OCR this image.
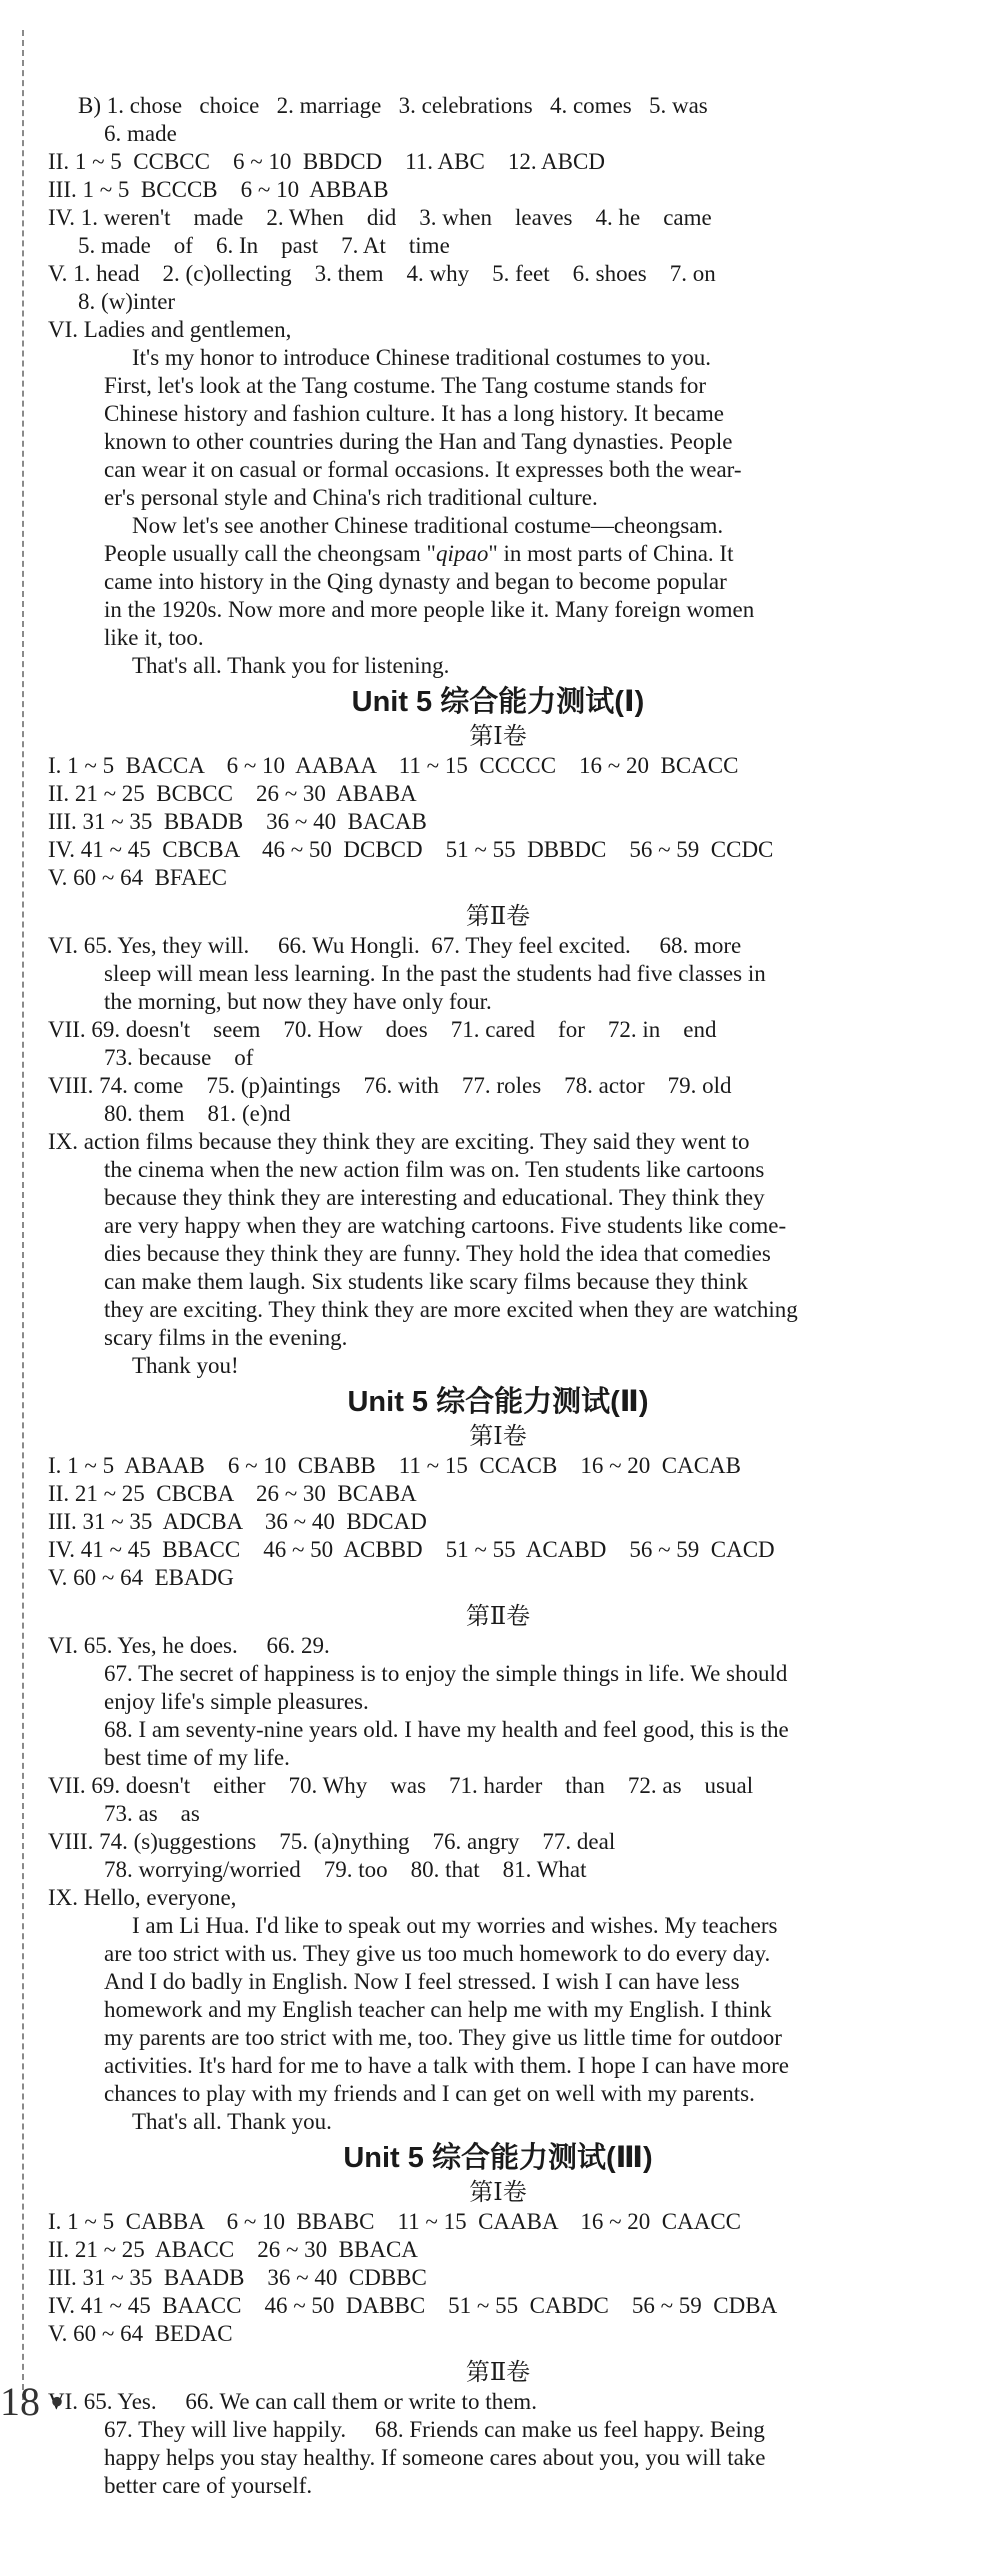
B) 1. chose   choice   2. marriage   3. celebrations   4. comes   5. was
6. made
II. 1 ~ 5  CCBCC    6 ~ 10  BBDCD    11. ABC    12. ABCD
III. 1 ~ 5  BCCCB    6 ~ 10  ABBAB
IV. 1. weren't    made    2. When    did    3. when    leaves    4. he    came
5. made    of    6. In    past    7. At    time
V. 1. head    2. (c)ollecting    3. them    4. why    5. feet    6. shoes    7. on
8. (w)inter
VI. Ladies and gentlemen,
It's my honor to introduce Chinese traditional costumes to you.
First, let's look at the Tang costume. The Tang costume stands for
Chinese history and fashion culture. It has a long history. It became
known to other countries during the Han and Tang dynasties. People
can wear it on casual or formal occasions. It expresses both the wear-
er's personal style and China's rich traditional culture.
Now let's see another Chinese traditional costume—cheongsam.
People usually call the cheongsam "qipao" in most parts of China. It
came into history in the Qing dynasty and began to become popular
in the 1920s. Now more and more people like it. Many foreign women
like it, too.
That's all. Thank you for listening.
Unit 5 综合能力测试(Ⅰ)
第Ⅰ卷
I. 1 ~ 5  BACCA    6 ~ 10  AABAA    11 ~ 15  CCCCC    16 ~ 20  BCACC
II. 21 ~ 25  BCBCC    26 ~ 30  ABABA
III. 31 ~ 35  BBADB    36 ~ 40  BACAB
IV. 41 ~ 45  CBCBA    46 ~ 50  DCBCD    51 ~ 55  DBBDC    56 ~ 59  CCDC
V. 60 ~ 64  BFAEC
第Ⅱ卷
VI. 65. Yes, they will.     66. Wu Hongli.  67. They feel excited.     68. more
sleep will mean less learning. In the past the students had five classes in
the morning, but now they have only four.
VII. 69. doesn't    seem    70. How    does    71. cared    for    72. in    end
73. because    of
VIII. 74. come    75. (p)aintings    76. with    77. roles    78. actor    79. old
80. them    81. (e)nd
IX. action films because they think they are exciting. They said they went to
the cinema when the new action film was on. Ten students like cartoons
because they think they are interesting and educational. They think they
are very happy when they are watching cartoons. Five students like come-
dies because they think they are funny. They hold the idea that comedies
can make them laugh. Six students like scary films because they think
they are exciting. They think they are more excited when they are watching
scary films in the evening.
Thank you!
Unit 5 综合能力测试(Ⅱ)
第Ⅰ卷
I. 1 ~ 5  ABAAB    6 ~ 10  CBABB    11 ~ 15  CCACB    16 ~ 20  CACAB
II. 21 ~ 25  CBCBA    26 ~ 30  BCABA
III. 31 ~ 35  ADCBA    36 ~ 40  BDCAD
IV. 41 ~ 45  BBACC    46 ~ 50  ACBBD    51 ~ 55  ACABD    56 ~ 59  CACD
V. 60 ~ 64  EBADG
第Ⅱ卷
VI. 65. Yes, he does.     66. 29.
67. The secret of happiness is to enjoy the simple things in life. We should
enjoy life's simple pleasures.
68. I am seventy-nine years old. I have my health and feel good, this is the
best time of my life.
VII. 69. doesn't    either    70. Why    was    71. harder    than    72. as    usual
73. as    as
VIII. 74. (s)uggestions    75. (a)nything    76. angry    77. deal
78. worrying/worried    79. too    80. that    81. What
IX. Hello, everyone,
I am Li Hua. I'd like to speak out my worries and wishes. My teachers
are too strict with us. They give us too much homework to do every day.
And I do badly in English. Now I feel stressed. I wish I can have less
homework and my English teacher can help me with my English. I think
my parents are too strict with me, too. They give us little time for outdoor
activities. It's hard for me to have a talk with them. I hope I can have more
chances to play with my friends and I can get on well with my parents.
That's all. Thank you.
Unit 5 综合能力测试(Ⅲ)
第Ⅰ卷
I. 1 ~ 5  CABBA    6 ~ 10  BBABC    11 ~ 15  CAABA    16 ~ 20  CAACC
II. 21 ~ 25  ABACC    26 ~ 30  BBACA
III. 31 ~ 35  BAADB    36 ~ 40  CDBBC
IV. 41 ~ 45  BAACC    46 ~ 50  DABBC    51 ~ 55  CABDC    56 ~ 59  CDBA
V. 60 ~ 64  BEDAC
第Ⅱ卷
VI. 65. Yes.     66. We can call them or write to them.
67. They will live happily.     68. Friends can make us feel happy. Being
happy helps you stay healthy. If someone cares about you, you will take
better care of yourself.
18 •
